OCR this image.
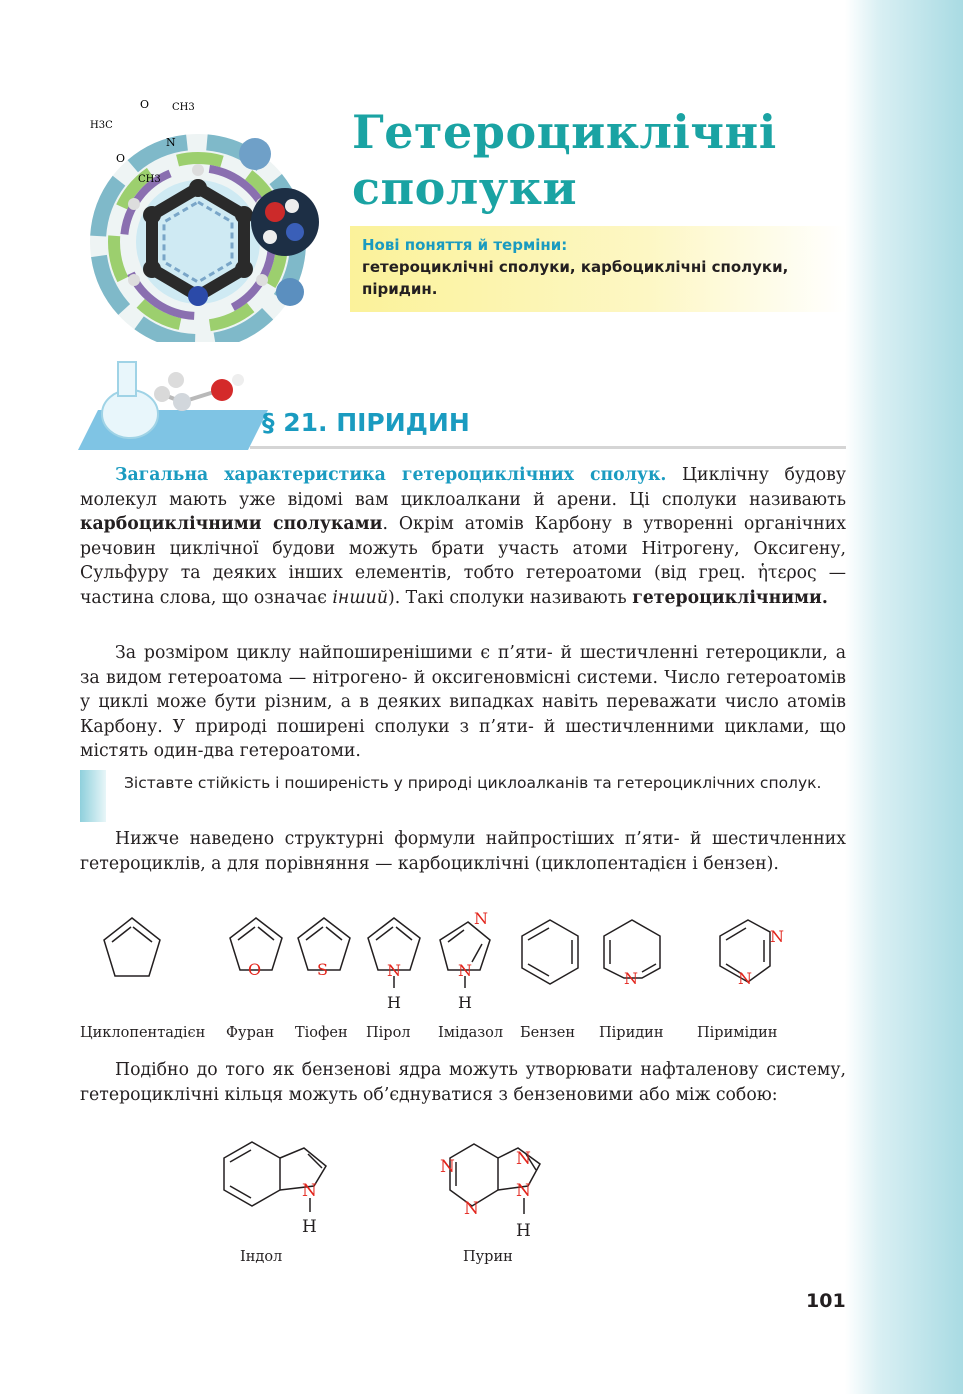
O CH3
H3C
N
O
CH3
Гетероциклічні
сполуки
Нові поняття й терміни:
гетероциклічні сполуки, карбоциклічні сполуки, піридин.
§ 21. ПІРИДИН

Загальна характеристика гетероциклічних сполук. Циклічну будову молекул мають уже відомі вам циклоалкани й арени. Ці сполуки називають карбоциклічними сполуками. Окрім атомів Карбону в утворенні органічних речовин циклічної будови можуть брати участь атоми Нітрогену, Оксигену, Сульфуру та деяких інших елементів, тобто гетероатоми (від грец. ἡτερος — частина слова, що означає інший). Такі сполуки називають гетероциклічними.

За розміром циклу найпоширенішими є п’яти- й шестичленні гетероцикли, а за видом гетероатома — нітрогено- й оксигеновмісні системи. Число гетероатомів у циклі може бути різним, а в деяких випадках навіть переважати число атомів Карбону. У природі поширені сполуки з п’яти- й шестичленними циклами, що містять один-два гетероатоми.

Зіставте стійкість і поширеність у природі циклоалканів та гетероциклічних сполук.

Нижче наведено структурні формули найпростіших п’яти- й шестичленних гетероциклів, а для порівняння — карбоциклічні (циклопентадієн і бензен).

O	S	N
H
N
N
H
N
N
N
Циклопентадієн Фуран Тіофен Пірол Імідазол Бензен Піридин Піримідин

Подібно до того як бензенові ядра можуть утворювати нафталенову систему, гетероциклічні кільця можуть об’єднуватися з бензеновими або між собою:

N
H
N
N
N
N
H
Індол	Пурин
101
